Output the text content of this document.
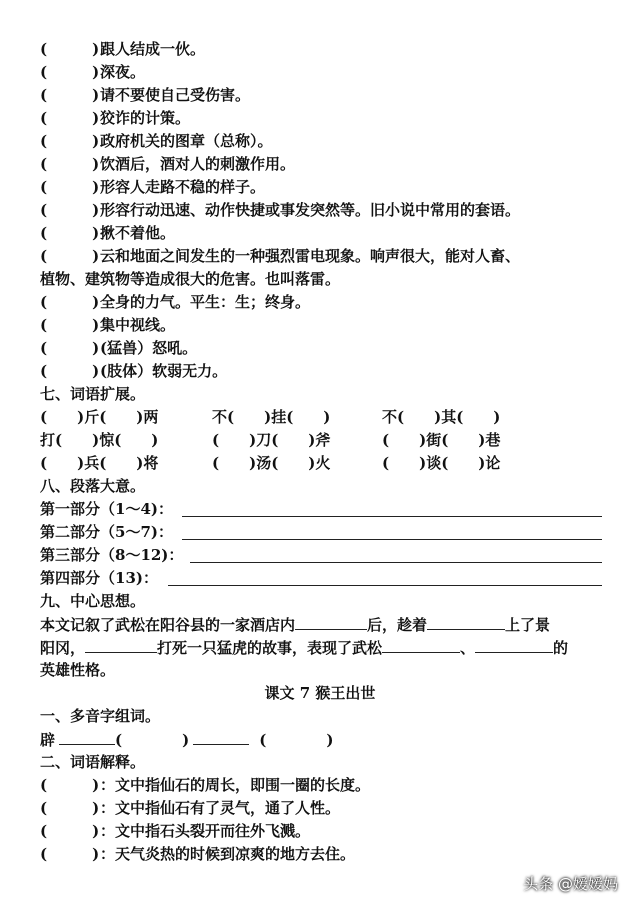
(　　　)跟人结成一伙。
(　　　)深夜。
(　　　)请不要使自己受伤害。
(　　　)狡诈的计策。
(　　　)政府机关的图章（总称）。
(　　　)饮酒后，酒对人的刺激作用。
(　　　)形容人走路不稳的样子。
(　　　)形容行动迅速、动作快捷或事发突然等。旧小说中常用的套语。
(　　　)揪不着他。
(　　　)云和地面之间发生的一种强烈雷电现象。响声很大，能对人畜、
植物、建筑物等造成很大的危害。也叫落雷。
(　　　)全身的力气。平生：生；终身。
(　　　)集中视线。
(　　　)(猛兽）怒吼。
(　　　)(肢体）软弱无力。
七、词语扩展。
(　　)斤(　　)两	不(　　)挂(　　)	不(　　)其(　　)
打(　　)惊(　　)	(　　)刀(　　)斧	(　　)街(　　)巷
(　　)兵(　　)将	(　　)汤(　　)火	(　　)谈(　　)论
八、段落大意。
第一部分（1～4)：
第二部分（5～7)：
第三部分（8～12)：
第四部分（13)：
九、中心思想。
本文记叙了武松在阳谷县的一家酒店内	后，趁着	上了景
阳冈，	打死一只猛虎的故事，表现了武松	、	的
英雄性格。
课文 7 猴王出世
一、多音字组词。
辟	(　　　　)	(　　　　)
二、词语解释。
(　　　)：文中指仙石的周长，即围一圈的长度。
(　　　)：文中指仙石有了灵气，通了人性。
(　　　)：文中指石头裂开而往外飞溅。
(　　　)：天气炎热的时候到凉爽的地方去住。
头条 @嫒嫒妈
